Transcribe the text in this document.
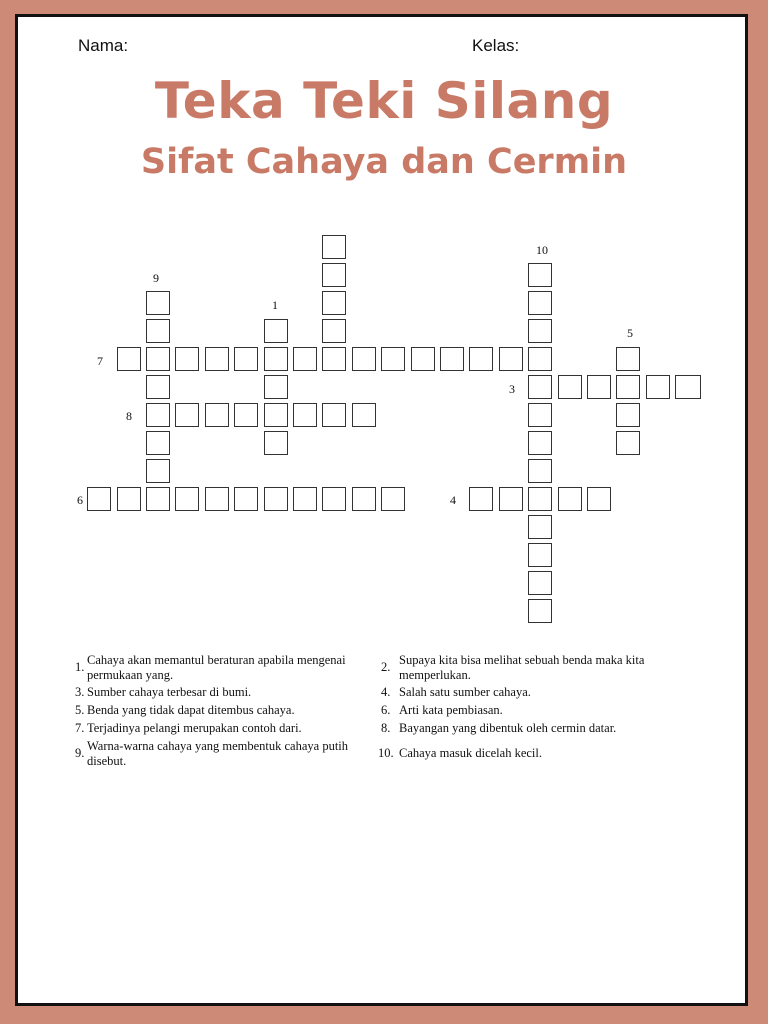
Nama:	Kelas:
Teka Teki Silang
Sifat Cahaya dan Cermin
9
1
10
5
7
3
8
6	4
1. Cahaya akan memantul beraturan apabila mengenai permukaan yang.
3. Sumber cahaya terbesar di bumi.
5. Benda yang tidak dapat ditembus cahaya.
7. Terjadinya pelangi merupakan contoh dari.
9. Warna-warna cahaya yang membentuk cahaya putih disebut.
2. Supaya kita bisa melihat sebuah benda maka kita memperlukan.
4. Salah satu sumber cahaya.
6. Arti kata pembiasan.
8. Bayangan yang dibentuk oleh cermin datar.
10. Cahaya masuk dicelah kecil.
